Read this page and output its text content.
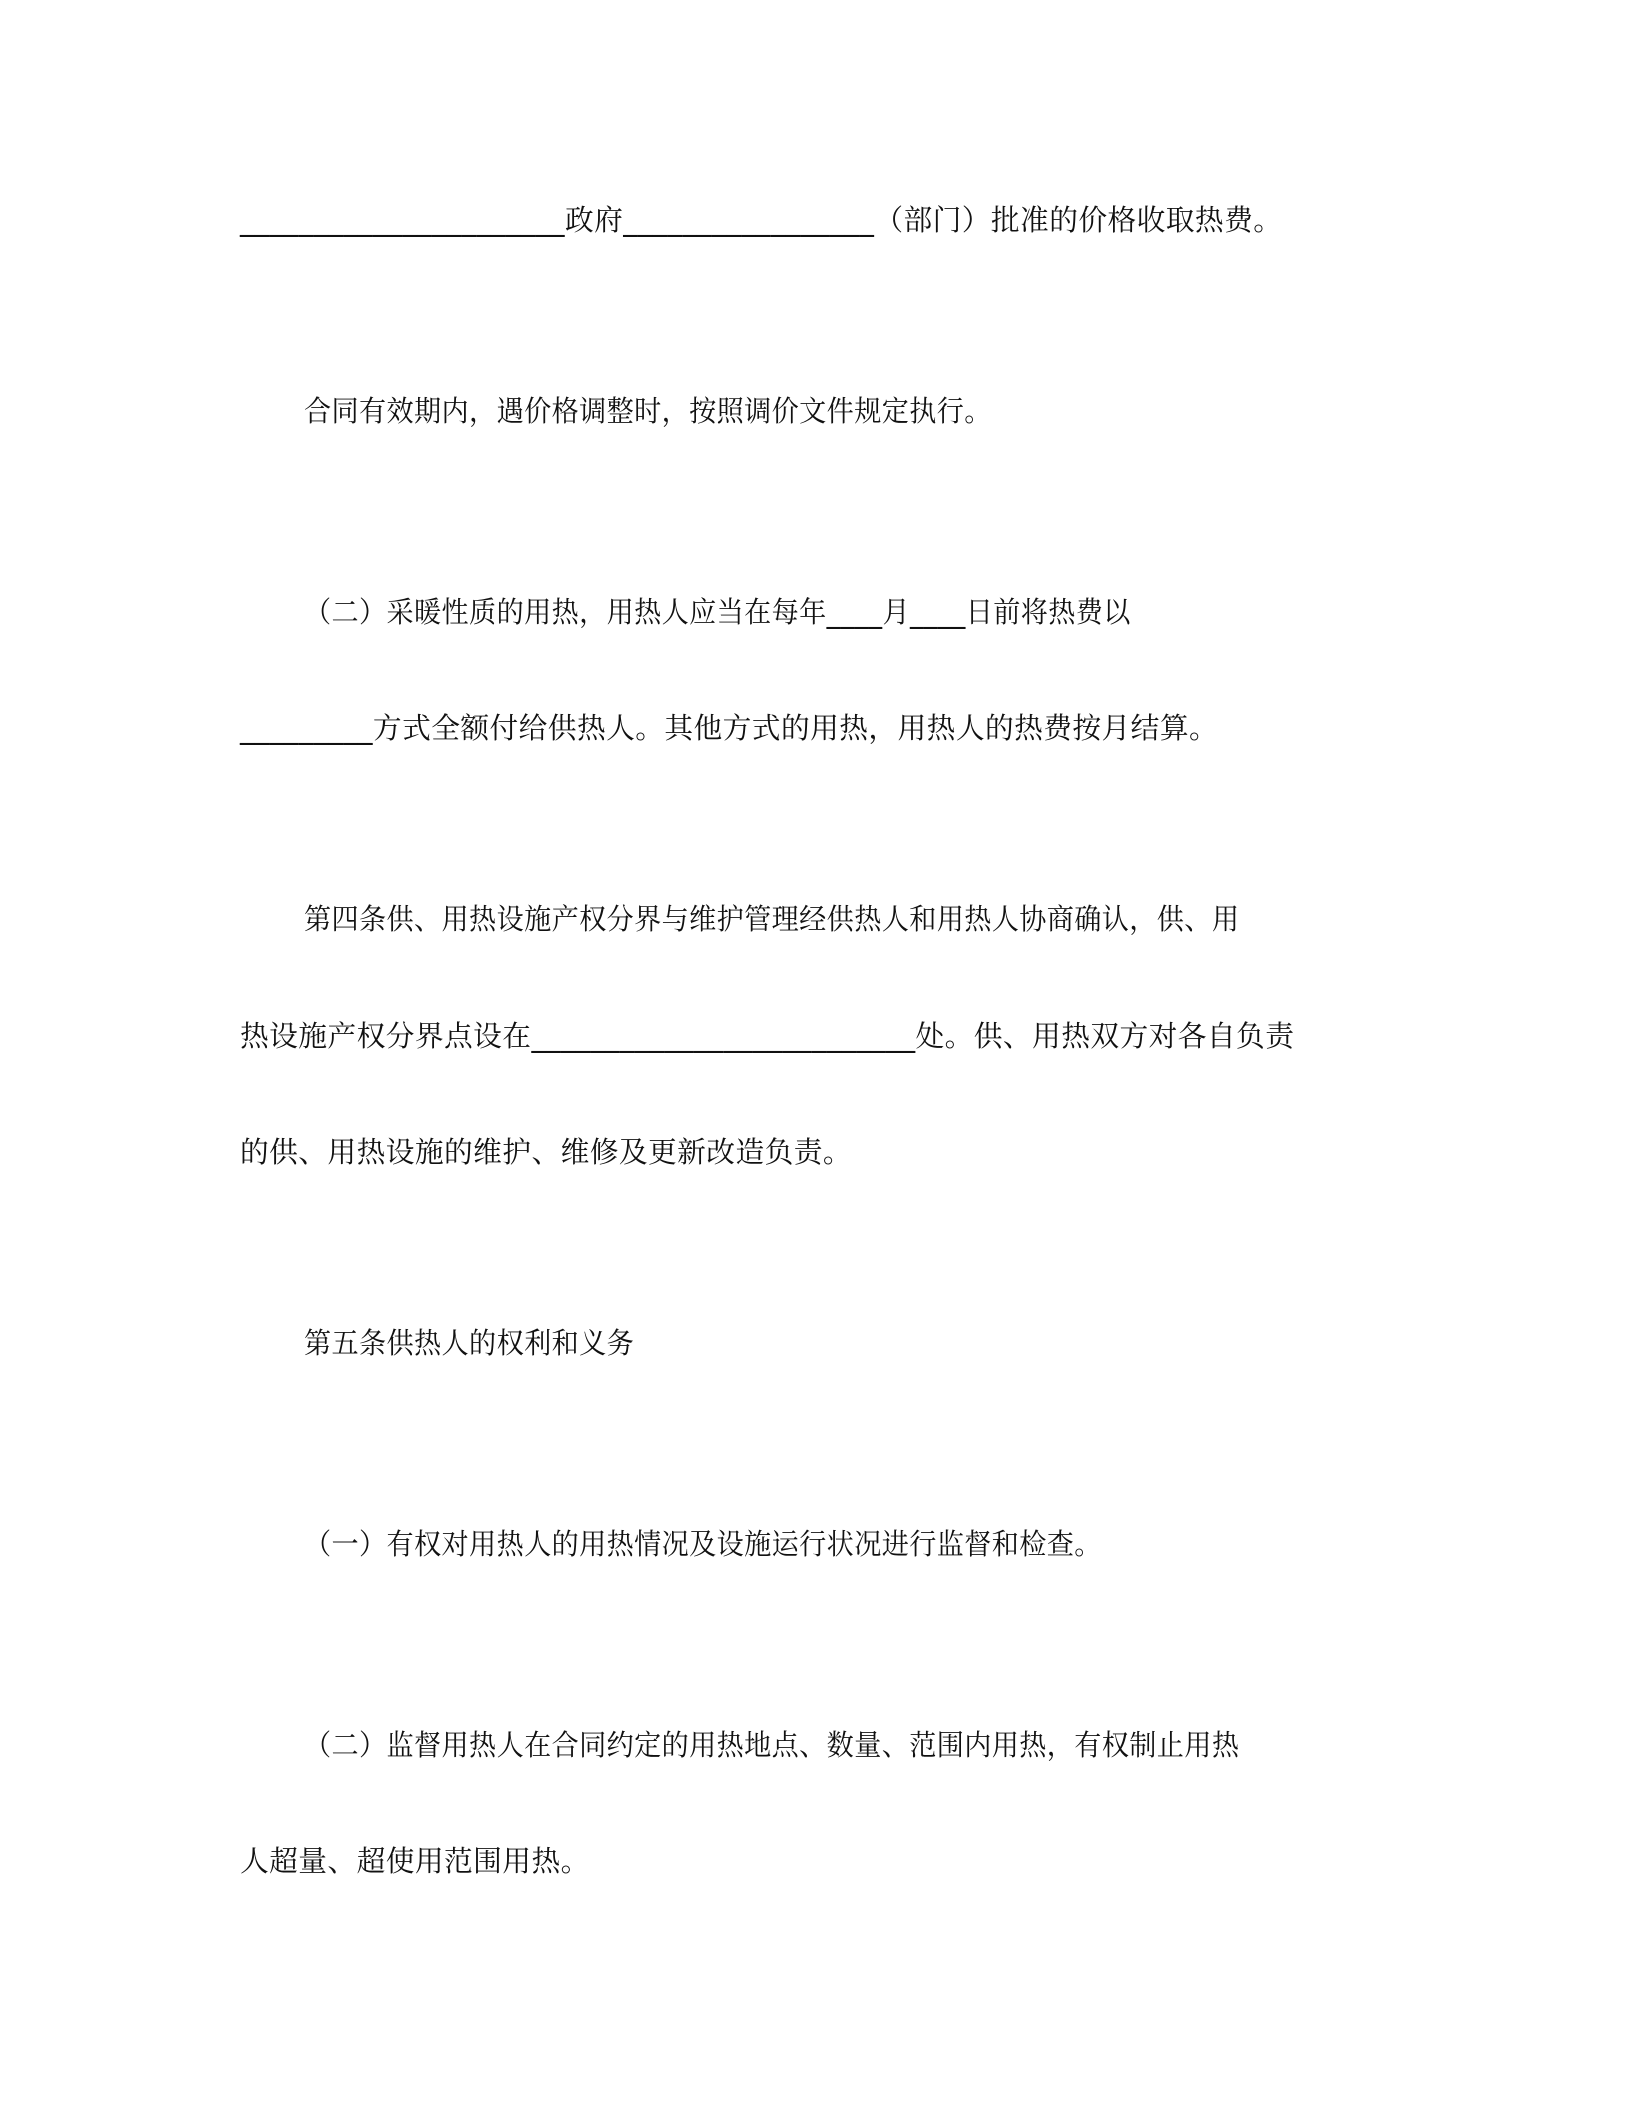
______________________政府_________________（部门）批准的价格收取热费。
合同有效期内，遇价格调整时，按照调价文件规定执行。
（二）采暖性质的用热，用热人应当在每年____月____日前将热费以
_________方式全额付给供热人。其他方式的用热，用热人的热费按月结算。
第四条供、用热设施产权分界与维护管理经供热人和用热人协商确认，供、用
热设施产权分界点设在__________________________处。供、用热双方对各自负责
的供、用热设施的维护、维修及更新改造负责。
第五条供热人的权利和义务
（一）有权对用热人的用热情况及设施运行状况进行监督和检查。
（二）监督用热人在合同约定的用热地点、数量、范围内用热，有权制止用热
人超量、超使用范围用热。
